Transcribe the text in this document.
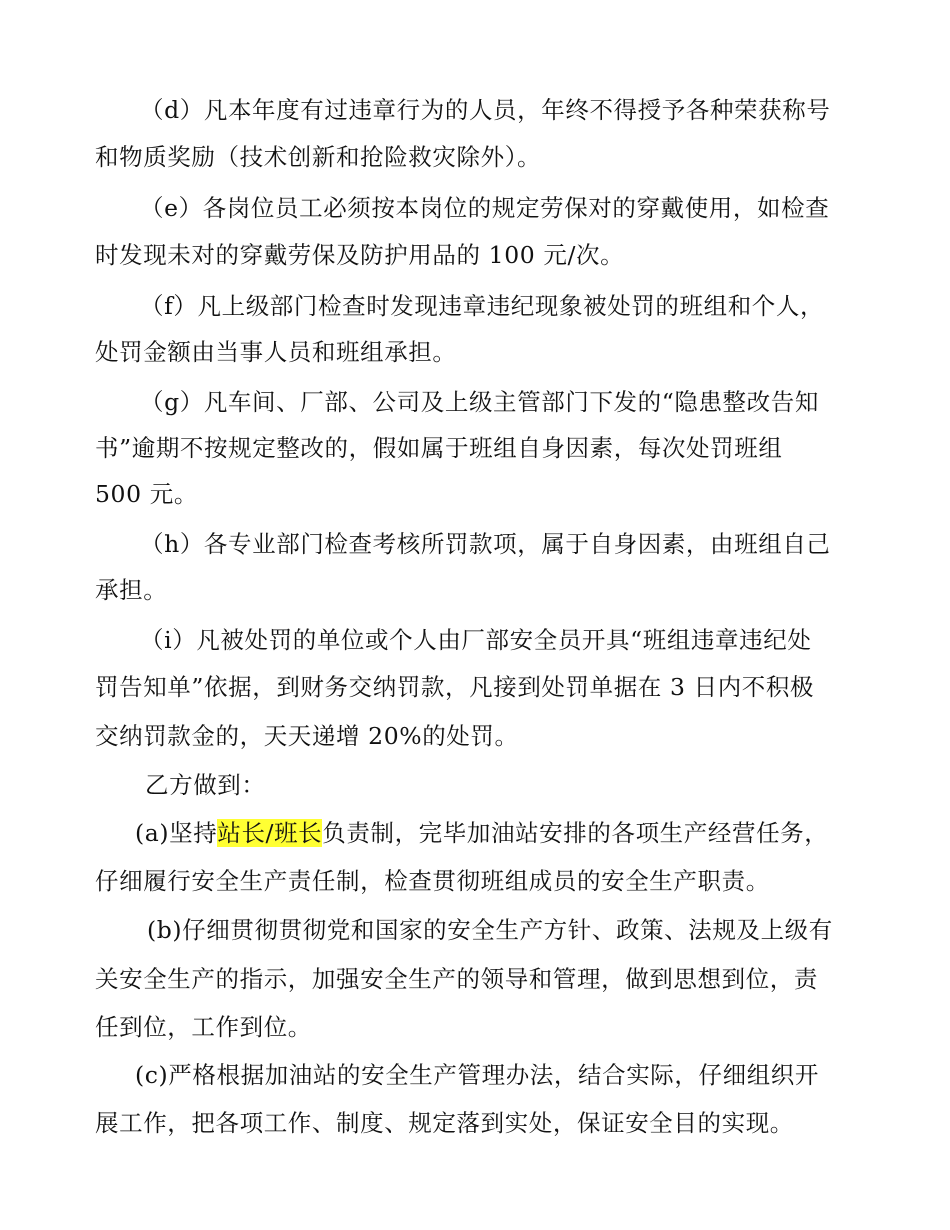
（d）凡本年度有过违章行为的人员，年终不得授予各种荣获称号
和物质奖励（技术创新和抢险救灾除外）。
（e）各岗位员工必须按本岗位的规定劳保对的穿戴使用，如检查
时发现未对的穿戴劳保及防护用品的 100 元/次。
（f）凡上级部门检查时发现违章违纪现象被处罚的班组和个人，
处罚金额由当事人员和班组承担。
（g）凡车间、厂部、公司及上级主管部门下发的“隐患整改告知
书”逾期不按规定整改的，假如属于班组自身因素，每次处罚班组
500 元。
（h）各专业部门检查考核所罚款项，属于自身因素，由班组自己
承担。
（i）凡被处罚的单位或个人由厂部安全员开具“班组违章违纪处
罚告知单”依据，到财务交纳罚款，凡接到处罚单据在 3 日内不积极
交纳罚款金的，天天递增 20%的处罚。
乙方做到：
(a)坚持站长/班长负责制，完毕加油站安排的各项生产经营任务，
仔细履行安全生产责任制，检查贯彻班组成员的安全生产职责。
(b)仔细贯彻贯彻党和国家的安全生产方针、政策、法规及上级有
关安全生产的指示，加强安全生产的领导和管理，做到思想到位，责
任到位，工作到位。
(c)严格根据加油站的安全生产管理办法，结合实际，仔细组织开
展工作，把各项工作、制度、规定落到实处，保证安全目的实现。
